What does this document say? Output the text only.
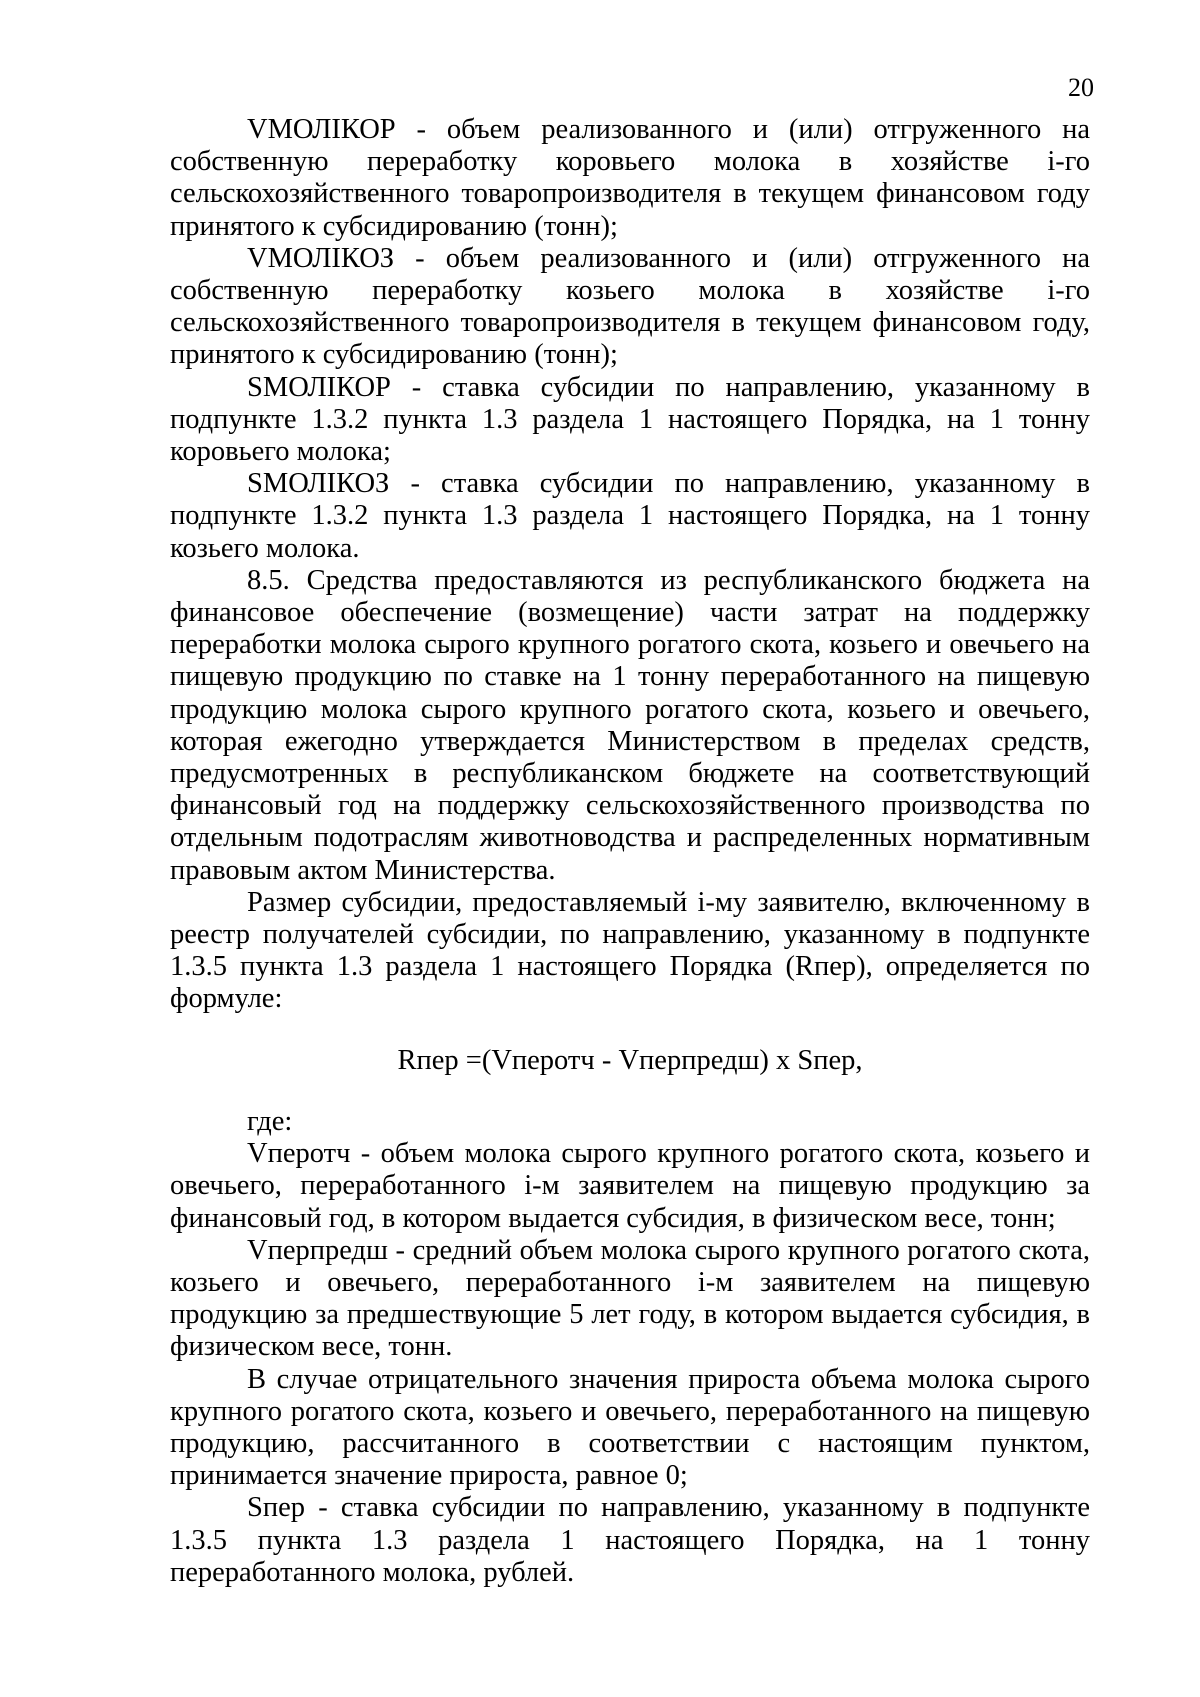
20

VМОЛIКОР - объем реализованного и (или) отгруженного на собственную переработку коровьего молока в хозяйстве i-го сельскохозяйственного товаропроизводителя в текущем финансовом году принятого к субсидированию (тонн);

VМОЛIКОЗ - объем реализованного и (или) отгруженного на собственную переработку козьего молока в хозяйстве i-го сельскохозяйственного товаропроизводителя в текущем финансовом году, принятого к субсидированию (тонн);

SМОЛIКОР - ставка субсидии по направлению, указанному в подпункте 1.3.2 пункта 1.3 раздела 1 настоящего Порядка, на 1 тонну коровьего молока;

SМОЛIКОЗ - ставка субсидии по направлению, указанному в подпункте 1.3.2 пункта 1.3 раздела 1 настоящего Порядка, на 1 тонну козьего молока.

8.5. Средства предоставляются из республиканского бюджета на финансовое обеспечение (возмещение) части затрат на поддержку переработки молока сырого крупного рогатого скота, козьего и овечьего на пищевую продукцию по ставке на 1 тонну переработанного на пищевую продукцию молока сырого крупного рогатого скота, козьего и овечьего, которая ежегодно утверждается Министерством в пределах средств, предусмотренных в республиканском бюджете на соответствующий финансовый год на поддержку сельскохозяйственного производства по отдельным подотраслям животноводства и распределенных нормативным правовым актом Министерства.

Размер субсидии, предоставляемый i-му заявителю, включенному в реестр получателей субсидии, по направлению, указанному в подпункте 1.3.5 пункта 1.3 раздела 1 настоящего Порядка (Rпер), определяется по формуле:

Rпер =(Vперотч - Vперпредш) х Sпер,

где:

Vперотч - объем молока сырого крупного рогатого скота, козьего и овечьего, переработанного i-м заявителем на пищевую продукцию за финансовый год, в котором выдается субсидия, в физическом весе, тонн;

Vперпредш - средний объем молока сырого крупного рогатого скота, козьего и овечьего, переработанного i-м заявителем на пищевую продукцию за предшествующие 5 лет году, в котором выдается субсидия, в физическом весе, тонн.

В случае отрицательного значения прироста объема молока сырого крупного рогатого скота, козьего и овечьего, переработанного на пищевую продукцию, рассчитанного в соответствии с настоящим пунктом, принимается значение прироста, равное 0;

Sпер - ставка субсидии по направлению, указанному в подпункте 1.3.5 пункта 1.3 раздела 1 настоящего Порядка, на 1 тонну переработанного молока, рублей.
